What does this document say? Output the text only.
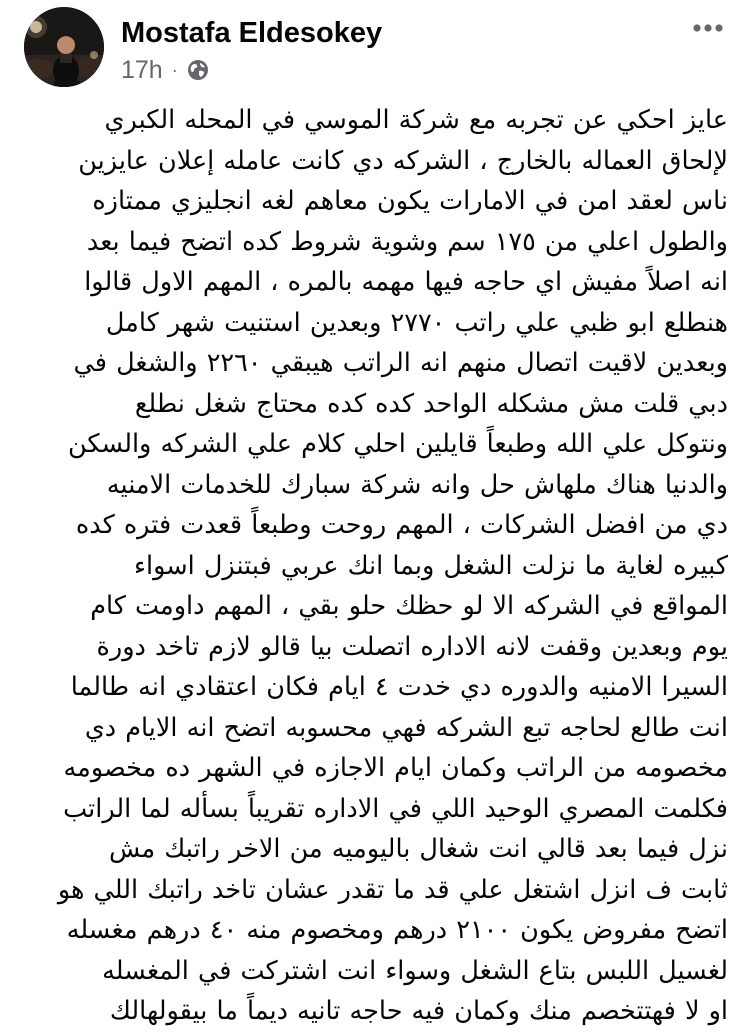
Mostafa Eldesokey
17h ·
عايز احكي عن تجربه مع شركة الموسي في المحله الكبري
لإلحاق العماله بالخارج ، الشركه دي كانت عامله إعلان عايزين
ناس لعقد امن في الامارات يكون معاهم لغه انجليزي ممتازه
والطول اعلي من ١٧٥ سم وشوية شروط كده اتضح فيما بعد
انه اصلاً مفيش اي حاجه فيها مهمه بالمره ، المهم الاول قالوا
هنطلع ابو ظبي علي راتب ٢٧٧٠ وبعدين استنيت شهر كامل
وبعدين لاقيت اتصال منهم انه الراتب هيبقي ٢٢٦٠ والشغل في
دبي قلت مش مشكله الواحد كده كده محتاج شغل نطلع
ونتوكل علي الله وطبعاً قايلين احلي كلام علي الشركه والسكن
والدنيا هناك ملهاش حل وانه شركة سبارك للخدمات الامنيه
دي من افضل الشركات ، المهم روحت وطبعاً قعدت فتره كده
كبيره لغاية ما نزلت الشغل وبما انك عربي فبتنزل اسواء
المواقع في الشركه الا لو حظك حلو بقي ، المهم داومت كام
يوم وبعدين وقفت لانه الاداره اتصلت بيا قالو لازم تاخد دورة
السيرا الامنيه والدوره دي خدت ٤ ايام فكان اعتقادي انه طالما
انت طالع لحاجه تبع الشركه فهي محسوبه اتضح انه الايام دي
مخصومه من الراتب وكمان ايام الاجازه في الشهر ده مخصومه
فكلمت المصري الوحيد اللي في الاداره تقريباً بسأله لما الراتب
نزل فيما بعد قالي انت شغال باليوميه من الاخر راتبك مش
ثابت ف انزل اشتغل علي قد ما تقدر عشان تاخد راتبك اللي هو
اتضح مفروض يكون ٢١٠٠ درهم ومخصوم منه ٤٠ درهم مغسله
لغسيل اللبس بتاع الشغل وسواء انت اشتركت في المغسله
او لا فهتتخصم منك وكمان فيه حاجه تانيه ديماً ما بيقولهالك
